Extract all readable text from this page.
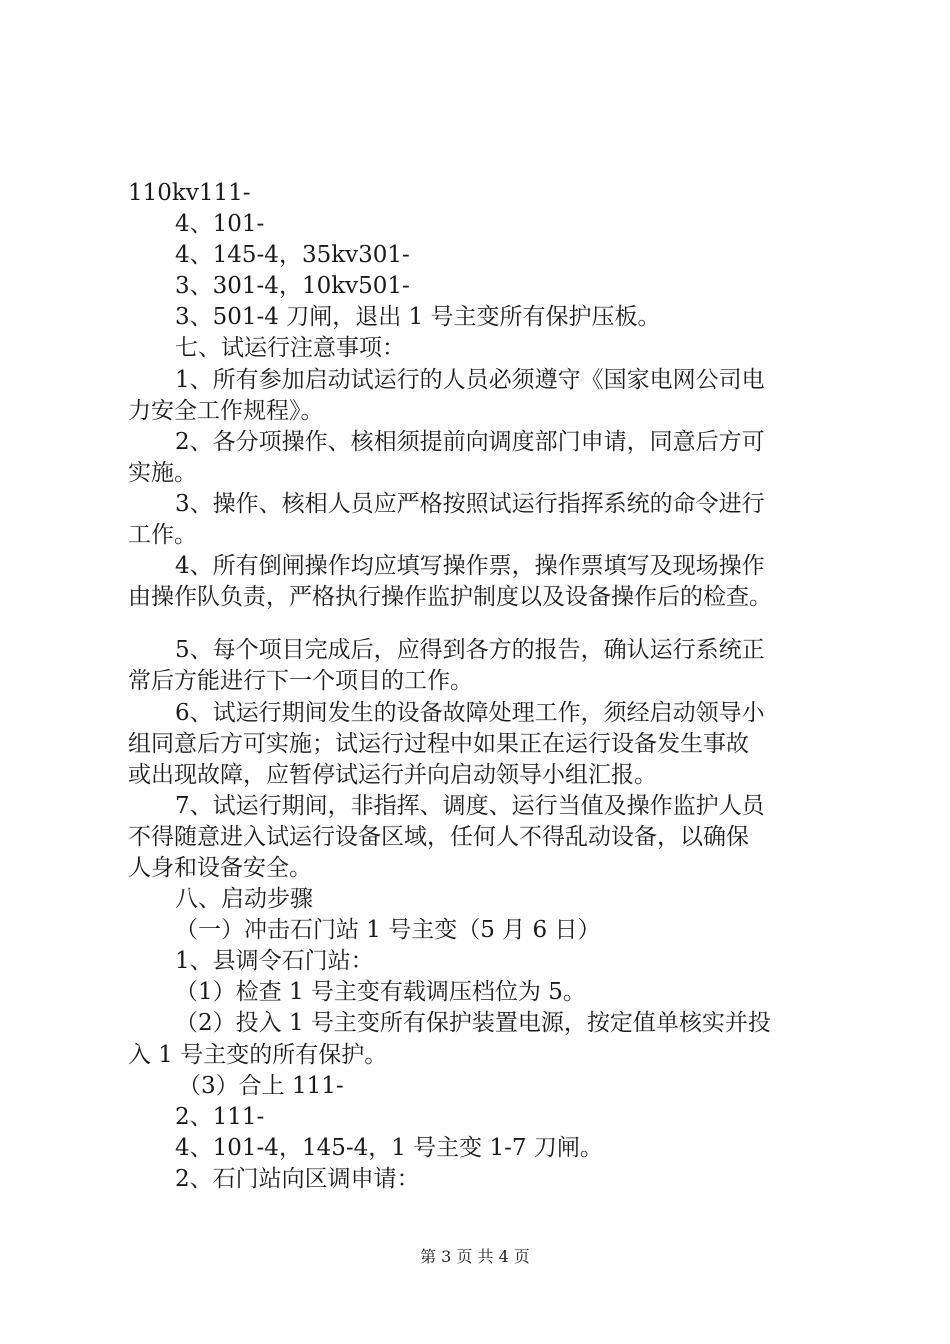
110kv111-

4、101-

4、145-4，35kv301-

3、301-4，10kv501-

3、501-4 刀闸，退出 1 号主变所有保护压板。

七、试运行注意事项：

1、所有参加启动试运行的人员必须遵守《国家电网公司电

力安全工作规程》。

2、各分项操作、核相须提前向调度部门申请，同意后方可

实施。

3、操作、核相人员应严格按照试运行指挥系统的命令进行

工作。

4、所有倒闸操作均应填写操作票，操作票填写及现场操作

由操作队负责，严格执行操作监护制度以及设备操作后的检查。

5、每个项目完成后，应得到各方的报告，确认运行系统正

常后方能进行下一个项目的工作。

6、试运行期间发生的设备故障处理工作，须经启动领导小

组同意后方可实施；试运行过程中如果正在运行设备发生事故

或出现故障，应暂停试运行并向启动领导小组汇报。

7、试运行期间，非指挥、调度、运行当值及操作监护人员

不得随意进入试运行设备区域，任何人不得乱动设备，以确保

人身和设备安全。

八、启动步骤

（一）冲击石门站 1 号主变（5 月 6 日）

1、县调令石门站：

（1）检查 1 号主变有载调压档位为 5。

（2）投入 1 号主变所有保护装置电源，按定值单核实并投

入 1 号主变的所有保护。

（3）合上 111-

2、111-

4、101-4，145-4，1 号主变 1-7 刀闸。

2、石门站向区调申请：

第 3 页 共 4 页
